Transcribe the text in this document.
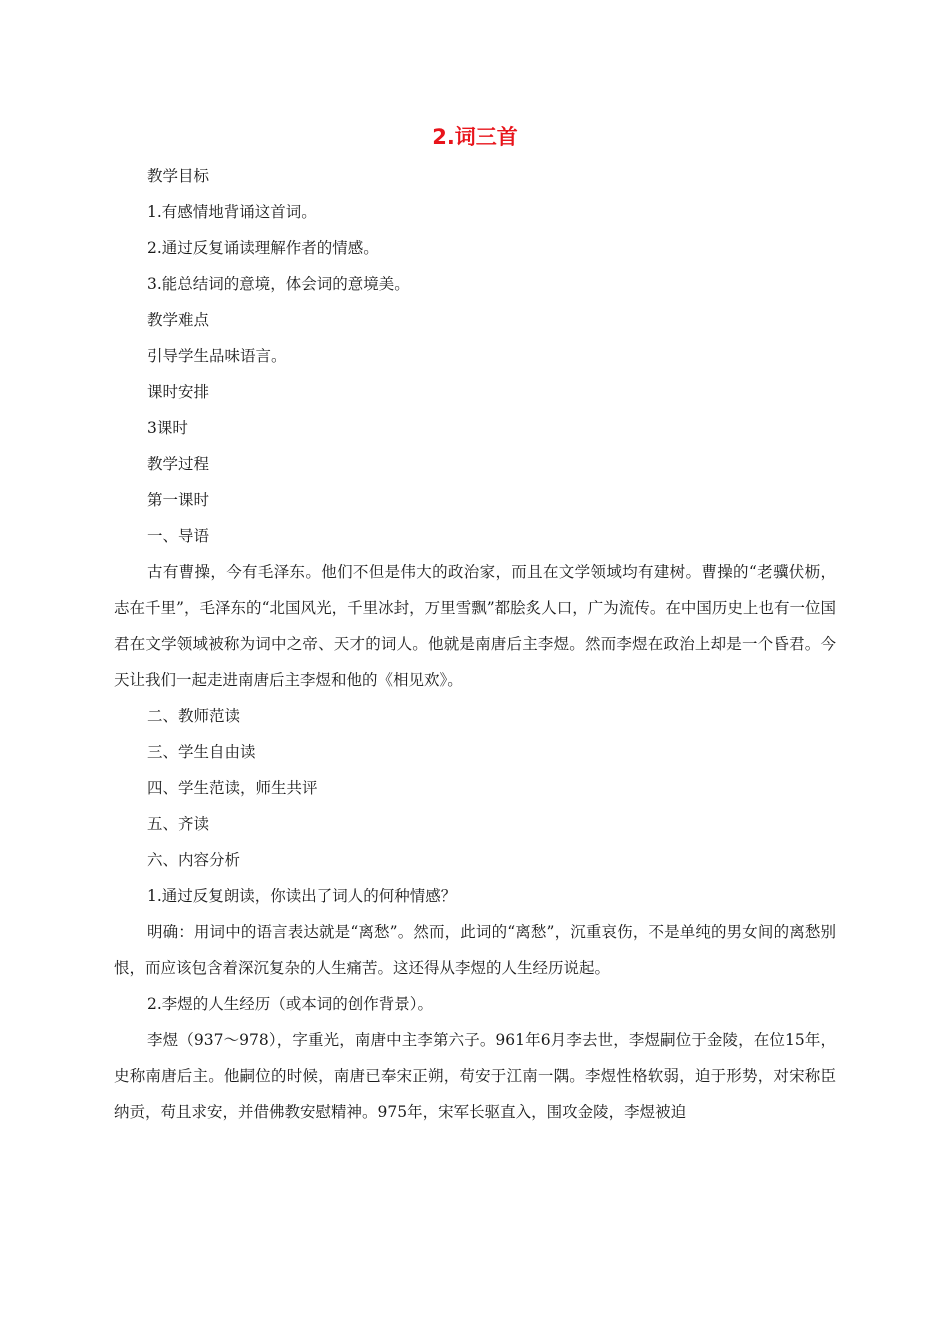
2.词三首

教学目标

1.有感情地背诵这首词。

2.通过反复诵读理解作者的情感。

3.能总结词的意境，体会词的意境美。

教学难点

引导学生品味语言。

课时安排

3课时

教学过程

第一课时

一、导语

古有曹操，今有毛泽东。他们不但是伟大的政治家，而且在文学领域均有建树。曹操的“老骥伏枥，志在千里”，毛泽东的“北国风光，千里冰封，万里雪飘”都脍炙人口，广为流传。在中国历史上也有一位国君在文学领域被称为词中之帝、天才的词人。他就是南唐后主李煜。然而李煜在政治上却是一个昏君。今天让我们一起走进南唐后主李煜和他的《相见欢》。

二、教师范读

三、学生自由读

四、学生范读，师生共评

五、齐读

六、内容分析

1.通过反复朗读，你读出了词人的何种情感？

明确：用词中的语言表达就是“离愁”。然而，此词的“离愁”，沉重哀伤，不是单纯的男女间的离愁别恨，而应该包含着深沉复杂的人生痛苦。这还得从李煜的人生经历说起。

2.李煜的人生经历（或本词的创作背景）。

李煜（937～978），字重光，南唐中主李第六子。961年6月李去世，李煜嗣位于金陵，在位15年，史称南唐后主。他嗣位的时候，南唐已奉宋正朔，苟安于江南一隅。李煜性格软弱，迫于形势，对宋称臣纳贡，苟且求安，并借佛教安慰精神。975年，宋军长驱直入，围攻金陵，李煜被迫
